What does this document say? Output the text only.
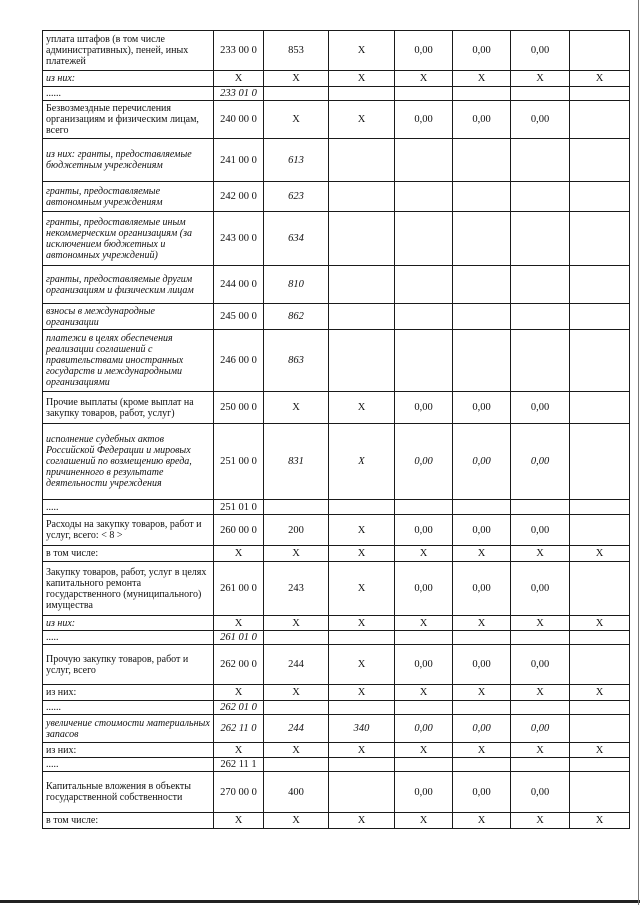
уплата штафов (в том числе административных), пеней, иных платежей	233 00 0	853	X	0,00	0,00	0,00	
из них:	X	X	X	X	X	X	X
......	233 01 0						
Безвозмездные перечисления организациям и физическим лицам, всего	240 00 0	X	X	0,00	0,00	0,00	
из них: гранты, предоставляемые бюджетным учреждениям	241 00 0	613					
гранты, предоставляемые автономным учреждениям	242 00 0	623					
гранты, предоставляемые иным некоммерческим организациям (за исключением бюджетных и автономных учреждений)	243 00 0	634					
гранты, предоставляемые другим организациям и физическим лицам	244 00 0	810					
взносы в международные организации	245 00 0	862					
платежи в целях обеспечения реализации соглашений с правительствами иностранных государств и международными организациями	246 00 0	863					
Прочие выплаты (кроме выплат на закупку товаров, работ, услуг)	250 00 0	X	X	0,00	0,00	0,00	
исполнение судебных актов Российской Федерации и мировых соглашений по возмещению вреда, причиненного в результате деятельности учреждения	251 00 0	831	X	0,00	0,00	0,00	
.....	251 01 0						
Расходы на закупку товаров, работ и услуг, всего: < 8 >	260 00 0	200	X	0,00	0,00	0,00	
в том числе:	X	X	X	X	X	X	X
Закупку товаров, работ, услуг в целях капитального ремонта государственного (муниципального) имущества	261 00 0	243	X	0,00	0,00	0,00	
из них:	X	X	X	X	X	X	X
.....	261 01 0						
Прочую закупку товаров, работ и услуг, всего	262 00 0	244	X	0,00	0,00	0,00	
из них:	X	X	X	X	X	X	X
......	262 01 0						
увеличение стоимости материальных запасов	262 11 0	244	340	0,00	0,00	0,00	
из них:	X	X	X	X	X	X	X
.....	262 11 1						
Капитальные вложения в объекты государственной собственности	270 00 0	400		0,00	0,00	0,00	
в том числе:	X	X	X	X	X	X	X
